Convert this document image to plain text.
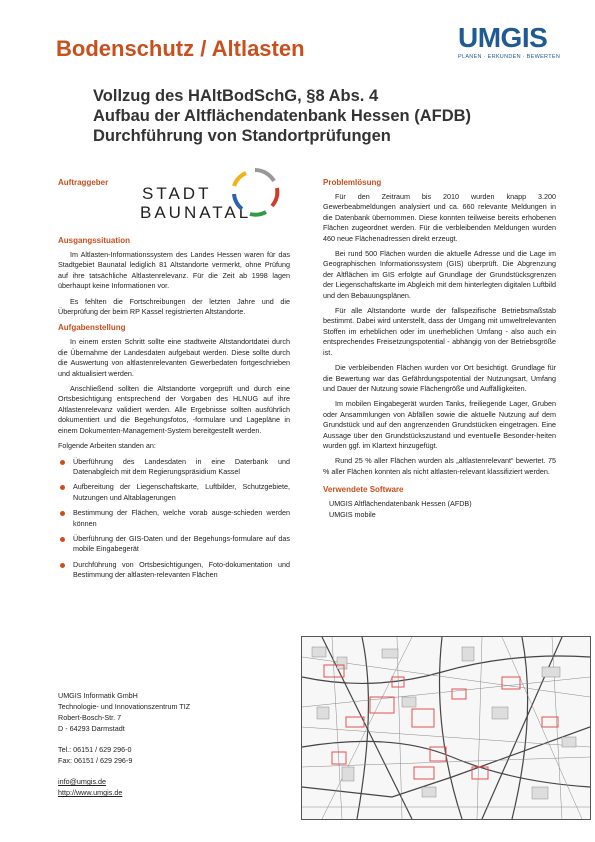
Bodenschutz / Altlasten	UMGIS
PLANEN · ERKUNDEN · BEWERTEN
Vollzug des HAltBodSchG, §8 Abs. 4
Aufbau der Altflächendatenbank Hessen (AFDB)
Durchführung von Standortprüfungen
STADT
BAUNATAL
Auftraggeber
Ausgangssituation

Im Altlasten-Informationssystem des Landes Hessen waren für das Stadtgebiet Baunatal lediglich 81 Altstandorte vermerkt, ohne Prüfung auf ihre tatsächliche Altlastenrelevanz. Für die Zeit ab 1998 lagen überhaupt keine Informationen vor.

Es fehlten die Fortschreibungen der letzten Jahre und die Überprüfung der beim RP Kassel registrierten Altstandorte.

Aufgabenstellung

In einem ersten Schritt sollte eine stadtweite Altstandortdatei durch die Übernahme der Landesdaten aufgebaut werden. Diese sollte durch die Auswertung von altlastenrelevanten Gewerbedaten fortgeschrieben und aktualisiert werden.

Anschließend sollten die Altstandorte vorgeprüft und durch eine Ortsbesichtigung entsprechend der Vorgaben des HLNUG auf ihre Altlastenrelevanz validiert werden. Alle Ergebnisse sollten ausführlich dokumentiert und die Begehungsfotos, -formulare und Lagepläne in einem Dokumenten-Management-System bereitgestellt werden.

Folgende Arbeiten standen an:

Überführung des Landesdaten in eine Daterbank und Datenabgleich mit dem Regierungspräsidium Kassel
Aufbereitung der Liegenschaftskarte, Luftbilder, Schutzgebiete, Nutzungen und Altablagerungen
Bestimmung der Flächen, welche vorab ausge-schieden werden können
Überführung der GIS-Daten und der Begehungs-formulare auf das mobile Eingabegerät
Durchführung von Ortsbesichtigungen, Foto-dokumentation und Bestimmung der altlasten-relevanten Flächen
UMGIS Informatik GmbH
Technologie- und Innovationszentrum TIZ
Robert-Bosch-Str. 7
D - 64293 Darmstadt
Tel.: 06151 / 629 296-0
Fax: 06151 / 629 296-9
info@umgis.de
http://www.umgis.de
Problemlösung

Für den Zeitraum bis 2010 wurden knapp 3.200 Gewerbeabmeldungen analysiert und ca. 660 relevante Meldungen in die Datenbank übernommen. Diese konnten teilweise bereits erhobenen Flächen zugeordnet werden. Für die verbleibenden Meldungen wurden 460 neue Flächenadressen direkt erzeugt.

Bei rund 500 Flächen wurden die aktuelle Adresse und die Lage im Geographischen Informationssystem (GIS) überprüft. Die Abgrenzung der Altflächen im GIS erfolgte auf Grundlage der Grundstücksgrenzen der Liegenschaftskarte im Abgleich mit dem hinterlegten digitalen Luftbild und den Bebauungsplänen.

Für alle Altstandorte wurde der fallspezifische Betriebsmaßstab bestimmt. Dabei wird unterstellt, dass der Umgang mit umweltrelevanten Stoffen im erheblichen oder im unerheblichen Umfang - also auch ein entsprechendes Freisetzungspotential - abhängig von der Betriebsgröße ist.

Die verbleibenden Flächen wurden vor Ort besichtigt. Grundlage für die Bewertung war das Gefährdungspotential der Nutzungsart, Umfang und Dauer der Nutzung sowie Flächengröße und Auffälligkeiten.

Im mobilen Eingabegerät wurden Tanks, freiliegende Lager, Gruben oder Ansammlungen von Abfällen sowie die aktuelle Nutzung auf dem Grundstück und auf den angrenzenden Grundstücken eingetragen. Eine Aussage über den Grundstückszustand und eventuelle Besonder-heiten wurden ggf. im Klartext hinzugefügt.

Rund 25 % aller Flächen wurden als „altlastenrelevant“ bewertet. 75 % aller Flächen konnten als nicht altlasten-relevant klassifiziert werden.

Verwendete Software
UMGIS Altflächendatenbank Hessen (AFDB)
UMGIS mobile
